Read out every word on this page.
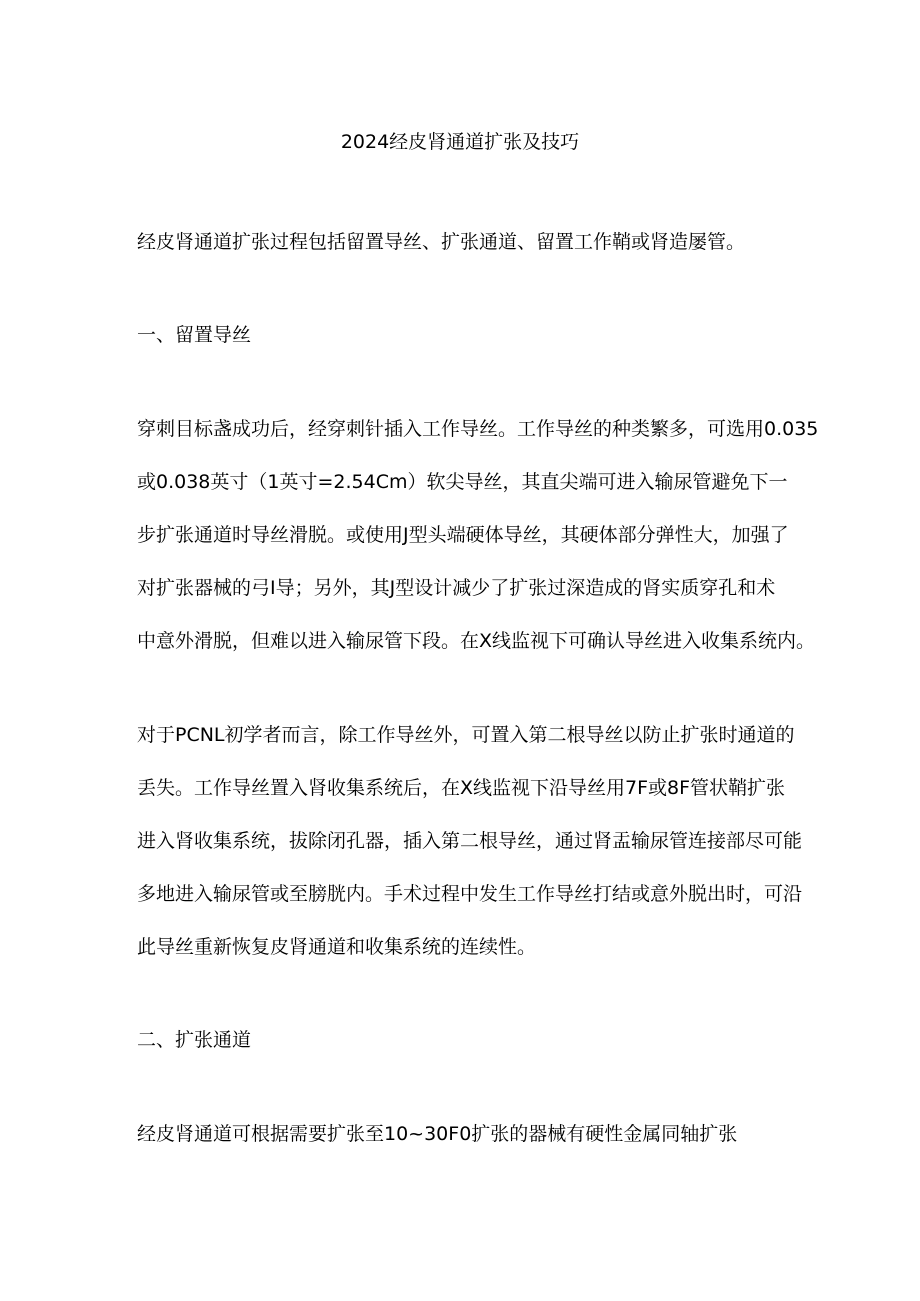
2024经皮肾通道扩张及技巧
经皮肾通道扩张过程包括留置导丝、扩张通道、留置工作鞘或肾造屡管。
一、留置导丝
穿刺目标盏成功后，经穿刺针插入工作导丝。工作导丝的种类繁多，可选用0.035
或0.038英寸（1英寸=2.54Cm）软尖导丝，其直尖端可进入输尿管避免下一
步扩张通道时导丝滑脱。或使用J型头端硬体导丝，其硬体部分弹性大，加强了
对扩张器械的弓I导；另外，其J型设计减少了扩张过深造成的肾实质穿孔和术
中意外滑脱，但难以进入输尿管下段。在X线监视下可确认导丝进入收集系统内。
对于PCNL初学者而言，除工作导丝外，可置入第二根导丝以防止扩张时通道的
丢失。工作导丝置入肾收集系统后，在X线监视下沿导丝用7F或8F管状鞘扩张
进入肾收集系统，拔除闭孔器，插入第二根导丝，通过肾盂输尿管连接部尽可能
多地进入输尿管或至膀胱内。手术过程中发生工作导丝打结或意外脱出时，可沿
此导丝重新恢复皮肾通道和收集系统的连续性。
二、扩张通道
经皮肾通道可根据需要扩张至10~30F0扩张的器械有硬性金属同轴扩张
